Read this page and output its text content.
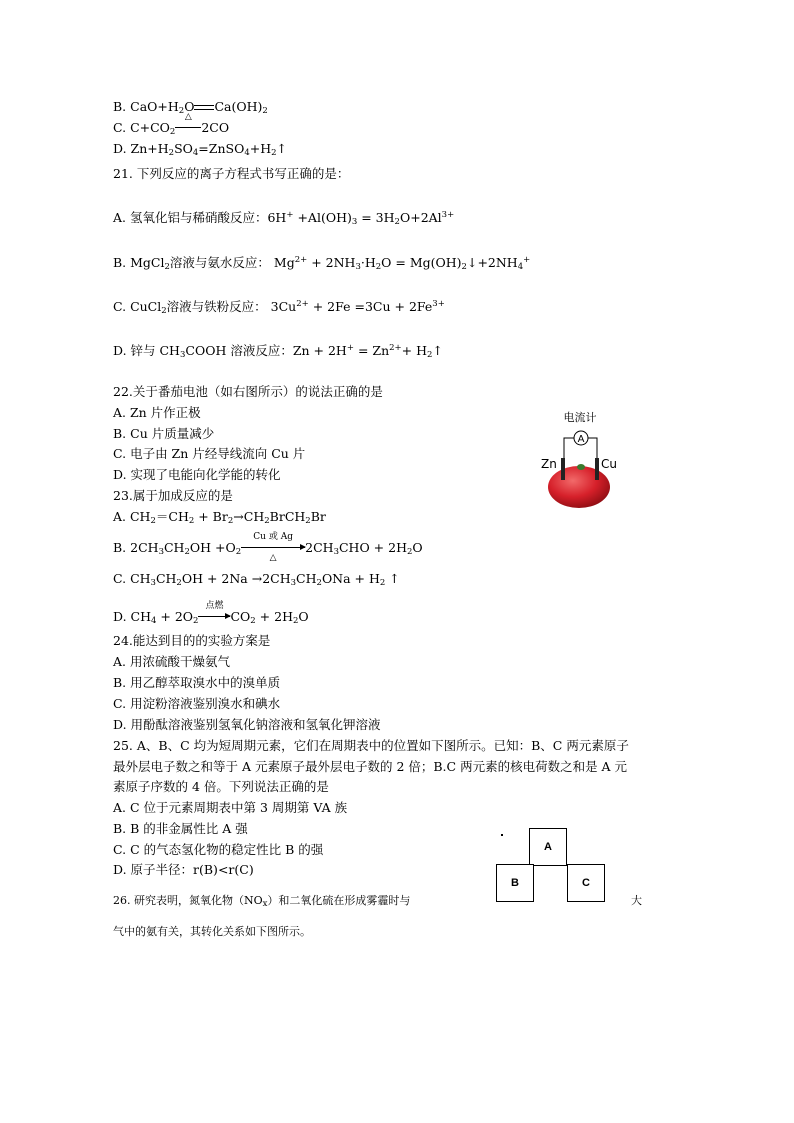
B. $CaO+H_2O$ $Ca(OH)_2$
C. $C+CO_2$
△
2CO
D. $Zn+H_2SO_4=ZnSO_4+H_2↑$
21. 下列反应的离子方程式书写正确的是：
A. 氢氧化铝与稀硝酸反应：$6H^+ +Al(OH)_3 = 3H_2O+2Al^{3+}$
B. MgCl$_2$溶液与氨水反应： $Mg^{2+} + 2NH_3\cdot H_2O$ = $Mg(OH)_2↓+2NH_4^+$
C. CuCl$_2$溶液与铁粉反应： $3Cu^{2+} + 2Fe =3Cu + 2Fe^{3+}$
D. 锌与 $CH_3COOH$ 溶液反应：$Zn + 2H^+ = Zn^{2+}+$ $H_2↑$
22.关于番茄电池（如右图所示）的说法正确的是
A. Zn 片作正极
B. Cu 片质量减少
C. 电子由 Zn 片经导线流向 Cu 片
D. 实现了电能向化学能的转化
电流计
A
Zn	Cu
23.属于加成反应的是
A. $CH_2=CH_2$ + $Br_2\to CH_2BrCH_2Br$
B. $2CH_3CH_2OH +O_2$
Cu 或 Ag
△
$2CH_3CHO + 2H_2O$
C. $CH_3CH_2OH + 2Na \to 2CH_3CH_2ONa + H_2$ ↑
D. $CH_4 + 2O_2$
点燃
$CO_2 + 2H_2O$
24.能达到目的的实验方案是
A. 用浓硫酸干燥氨气
B. 用乙醇萃取溴水中的溴单质
C. 用淀粉溶液鉴别溴水和碘水
D. 用酚酞溶液鉴别氢氧化钠溶液和氢氧化钾溶液
25. A、B、C 均为短周期元素，它们在周期表中的位置如下图所示。已知：B、C 两元素原子
最外层电子数之和等于 A 元素原子最外层电子数的 2 倍；B.C 两元素的核电荷数之和是 A 元
素原子序数的 4 倍。下列说法正确的是
A. C 位于元素周期表中第 3 周期第 VA 族
B. B 的非金属性比 A 强
C. C 的气态氢化物的稳定性比 B 的强
D. 原子半径：r(B)<r(C)
A
B	C
26. 研究表明，氮氧化物$(NO_x)$和二氧化硫在形成雾霾时与	大
气中的氨有关，其转化关系如下图所示。
